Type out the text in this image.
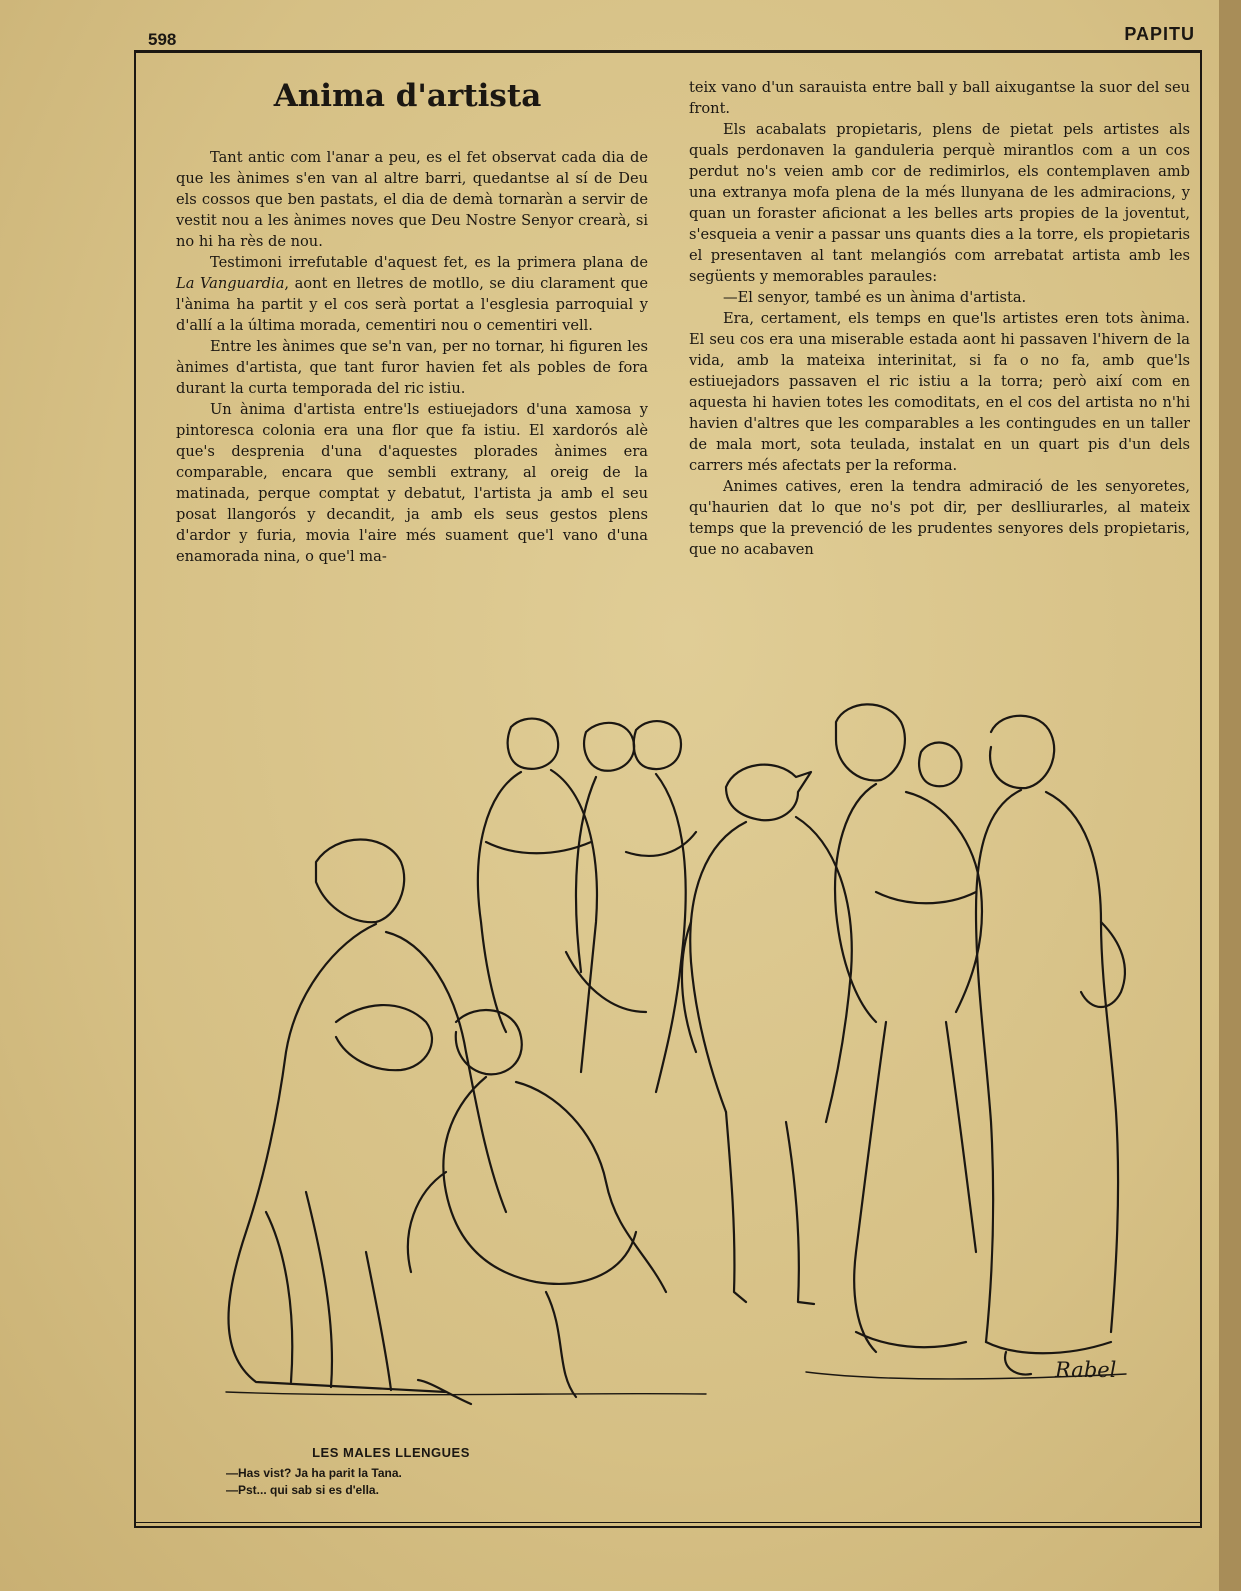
598	PAPITU
Anima d'artista

Tant antic com l'anar a peu, es el fet observat cada dia de que les ànimes s'en van al altre barri, quedantse al sí de Deu els cossos que ben pastats, el dia de demà tornaràn a servir de vestit nou a les ànimes noves que Deu Nostre Senyor crearà, si no hi ha rès de nou.

Testimoni irrefutable d'aquest fet, es la primera plana de La Vanguardia, aont en lletres de motllo, se diu clarament que l'ànima ha partit y el cos serà portat a l'esglesia parroquial y d'allí a la última morada, cementiri nou o cementiri vell.

Entre les ànimes que se'n van, per no tornar, hi figuren les ànimes d'artista, que tant furor havien fet als pobles de fora durant la curta temporada del ric istiu.

Un ànima d'artista entre'ls estiuejadors d'una xamosa y pintoresca colonia era una flor que fa istiu. El xardorós alè que's desprenia d'una d'aquestes plorades ànimes era comparable, encara que sembli extrany, al oreig de la matinada, perque comptat y debatut, l'artista ja amb el seu posat llangorós y decandit, ja amb els seus gestos plens d'ardor y furia, movia l'aire més suament que'l vano d'una enamorada nina, o que'l ma-

teix vano d'un sarauista entre ball y ball aixugantse la suor del seu front.

Els acabalats propietaris, plens de pietat pels artistes als quals perdonaven la ganduleria perquè mirantlos com a un cos perdut no's veien amb cor de redimirlos, els contemplaven amb una extranya mofa plena de la més llunyana de les admiracions, y quan un foraster aficionat a les belles arts propies de la joventut, s'esqueia a venir a passar uns quants dies a la torre, els propietaris el presentaven al tant melangiós com arrebatat artista amb les següents y memorables paraules:

—El senyor, també es un ànima d'artista.

Era, certament, els temps en que'ls artistes eren tots ànima. El seu cos era una miserable estada aont hi passaven l'hivern de la vida, amb la mateixa interinitat, si fa o no fa, amb que'ls estiuejadors passaven el ric istiu a la torra; però així com en aquesta hi havien totes les comoditats, en el cos del artista no n'hi havien d'altres que les comparables a les contingudes en un taller de mala mort, sota teulada, instalat en un quart pis d'un dels carrers més afectats per la reforma.

Animes catives, eren la tendra admiració de les senyoretes, qu'haurien dat lo que no's pot dir, per deslliurarles, al mateix temps que la prevenció de les prudentes senyores dels propietaris, que no acabaven

Rabel
LES MALES LLENGUES
—Has vist? Ja ha parit la Tana.
—Pst... qui sab si es d'ella.
